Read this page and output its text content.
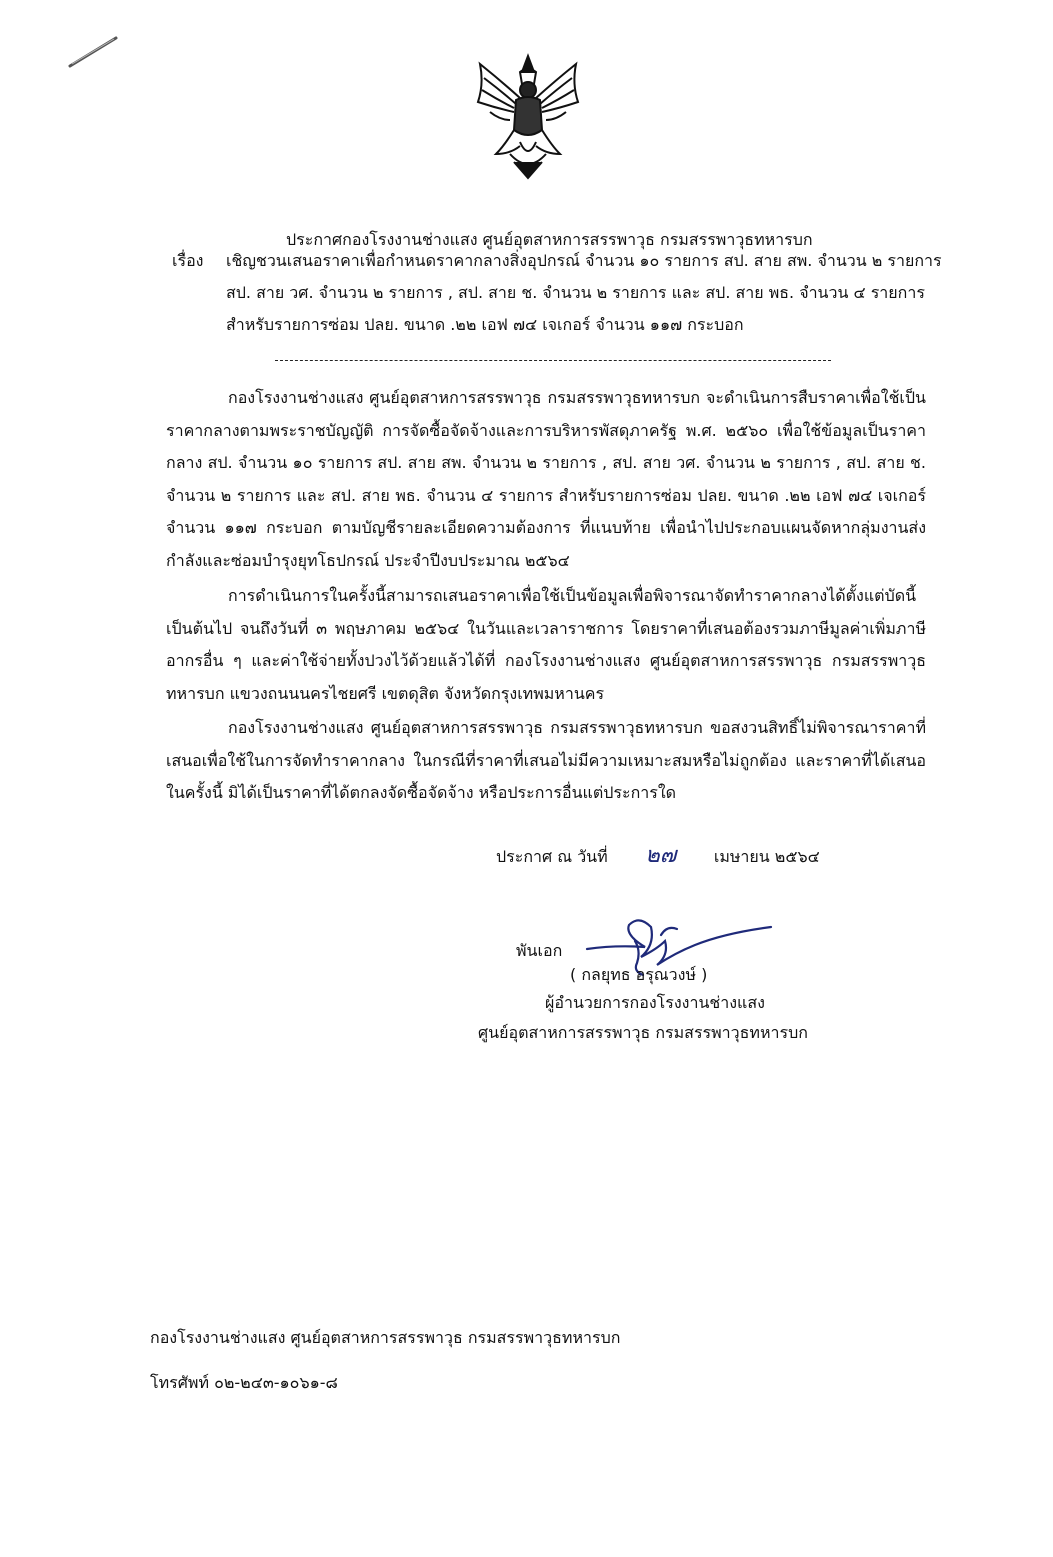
ประกาศกองโรงงานช่างแสง ศูนย์อุตสาหการสรรพาวุธ กรมสรรพาวุธทหารบก
เรื่อง เชิญชวนเสนอราคาเพื่อกำหนดราคากลางสิ่งอุปกรณ์ จำนวน ๑๐ รายการ สป. สาย สพ. จำนวน ๒ รายการ
สป. สาย วศ. จำนวน ๒ รายการ , สป. สาย ช. จำนวน ๒ รายการ และ สป. สาย พธ. จำนวน ๔ รายการ
สำหรับรายการซ่อม ปลย. ขนาด .๒๒ เอฟ ๗๔ เจเกอร์ จำนวน ๑๑๗ กระบอก
กองโรงงานช่างแสง ศูนย์อุตสาหการสรรพาวุธ กรมสรรพาวุธทหารบก จะดำเนินการสืบราคาเพื่อใช้เป็นราคากลางตามพระราชบัญญัติ การจัดซื้อจัดจ้างและการบริหารพัสดุภาครัฐ พ.ศ. ๒๕๖๐ เพื่อใช้ข้อมูลเป็นราคากลาง สป. จำนวน ๑๐ รายการ สป. สาย สพ. จำนวน ๒ รายการ , สป. สาย วศ. จำนวน ๒ รายการ , สป. สาย ช. จำนวน ๒ รายการ และ สป. สาย พธ. จำนวน ๔ รายการ สำหรับรายการซ่อม ปลย. ขนาด .๒๒ เอฟ ๗๔ เจเกอร์ จำนวน ๑๑๗ กระบอก ตามบัญชีรายละเอียดความต้องการ ที่แนบท้าย เพื่อนำไปประกอบแผนจัดหากลุ่มงานส่งกำลังและซ่อมบำรุงยุทโธปกรณ์ ประจำปีงบประมาณ ๒๕๖๔
การดำเนินการในครั้งนี้สามารถเสนอราคาเพื่อใช้เป็นข้อมูลเพื่อพิจารณาจัดทำราคากลางได้ตั้งแต่บัดนี้เป็นต้นไป จนถึงวันที่ ๓ พฤษภาคม ๒๕๖๔ ในวันและเวลาราชการ โดยราคาที่เสนอต้องรวมภาษีมูลค่าเพิ่มภาษีอากรอื่น ๆ และค่าใช้จ่ายทั้งปวงไว้ด้วยแล้วได้ที่ กองโรงงานช่างแสง ศูนย์อุตสาหการสรรพาวุธ กรมสรรพาวุธทหารบก แขวงถนนนครไชยศรี เขตดุสิต จังหวัดกรุงเทพมหานคร
กองโรงงานช่างแสง ศูนย์อุตสาหการสรรพาวุธ กรมสรรพาวุธทหารบก ขอสงวนสิทธิ์ไม่พิจารณาราคาที่เสนอเพื่อใช้ในการจัดทำราคากลาง ในกรณีที่ราคาที่เสนอไม่มีความเหมาะสมหรือไม่ถูกต้อง และราคาที่ได้เสนอในครั้งนี้ มิได้เป็นราคาที่ได้ตกลงจัดซื้อจัดจ้าง หรือประการอื่นแต่ประการใด
ประกาศ ณ วันที่ ๒๗ เมษายน ๒๕๖๔
พันเอก
( กลยุทธ อรุณวงษ์ )
ผู้อำนวยการกองโรงงานช่างแสง
ศูนย์อุตสาหการสรรพาวุธ กรมสรรพาวุธทหารบก
กองโรงงานช่างแสง ศูนย์อุตสาหการสรรพาวุธ กรมสรรพาวุธทหารบก
โทรศัพท์ ๐๒-๒๔๓-๑๐๖๑-๘
